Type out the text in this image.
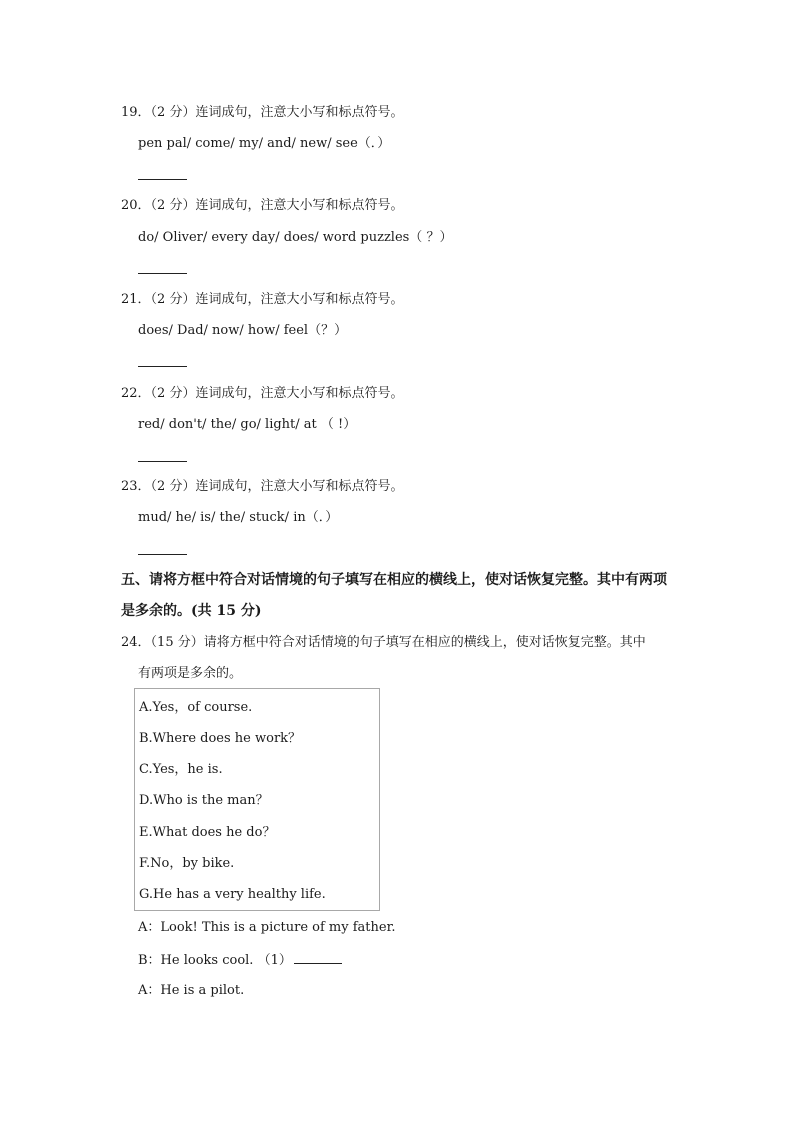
19．（2 分）连词成句，注意大小写和标点符号。
pen pal/ come/ my/ and/ new/ see（．）
20．（2 分）连词成句，注意大小写和标点符号。
do/ Oliver/ every day/ does/ word puzzles（ ？）
21．（2 分）连词成句，注意大小写和标点符号。
does/ Dad/ now/ how/ feel（？）
22．（2 分）连词成句，注意大小写和标点符号。
red/ don't/ the/ go/ light/ at （ !）
23．（2 分）连词成句，注意大小写和标点符号。
mud/ he/ is/ the/ stuck/ in（．）
五、请将方框中符合对话情境的句子填写在相应的横线上，使对话恢复完整。其中有两项
是多余的。(共 15 分)
24．（15 分）请将方框中符合对话情境的句子填写在相应的横线上，使对话恢复完整。其中
有两项是多余的。
A.Yes，of course.
B.Where does he work？
C.Yes，he is.
D.Who is the man？
E.What does he do？
F.No，by bike.
G.He has a very healthy life.
A：Look! This is a picture of my father.
B：He looks cool. （1）
A：He is a pilot.
